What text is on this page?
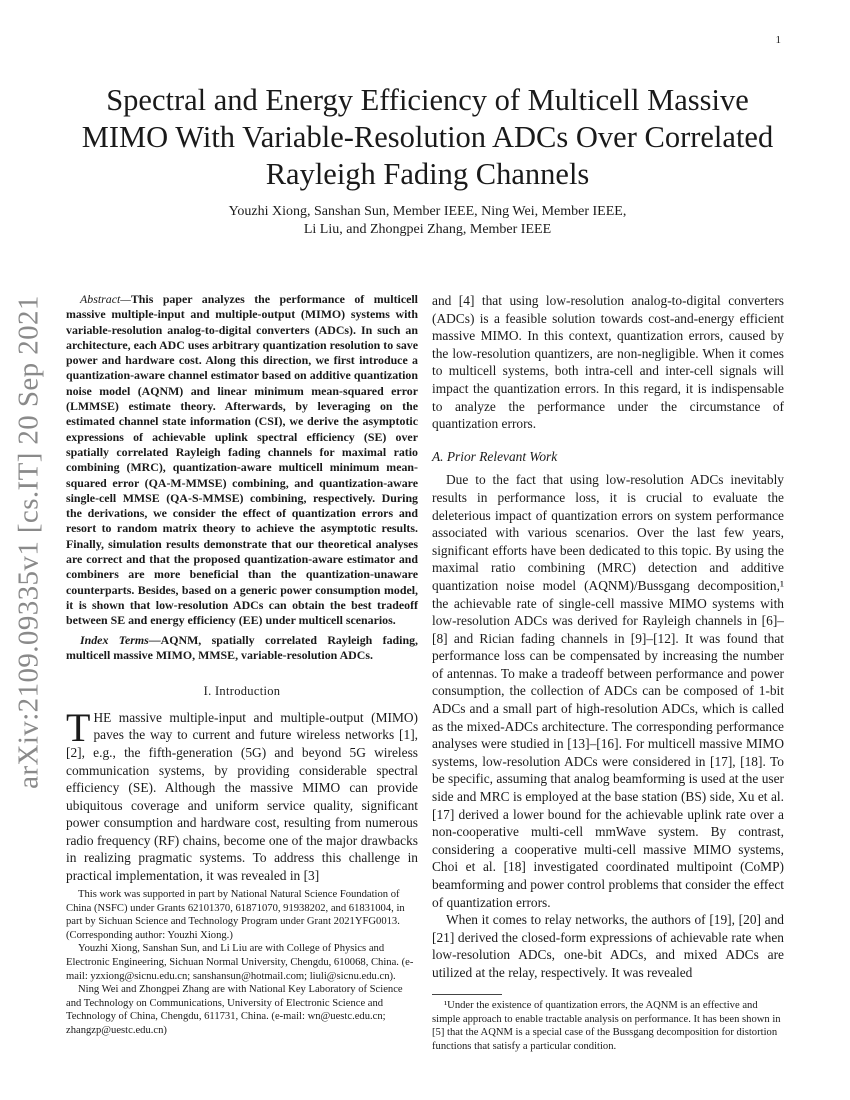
1
arXiv:2109.09335v1 [cs.IT] 20 Sep 2021
Spectral and Energy Efficiency of Multicell Massive MIMO With Variable-Resolution ADCs Over Correlated Rayleigh Fading Channels
Youzhi Xiong, Sanshan Sun, Member IEEE, Ning Wei, Member IEEE,
Li Liu, and Zhongpei Zhang, Member IEEE

Abstract—This paper analyzes the performance of multicell massive multiple-input and multiple-output (MIMO) systems with variable-resolution analog-to-digital converters (ADCs). In such an architecture, each ADC uses arbitrary quantization resolution to save power and hardware cost. Along this direction, we first introduce a quantization-aware channel estimator based on additive quantization noise model (AQNM) and linear minimum mean-squared error (LMMSE) estimate theory. Afterwards, by leveraging on the estimated channel state information (CSI), we derive the asymptotic expressions of achievable uplink spectral efficiency (SE) over spatially correlated Rayleigh fading channels for maximal ratio combining (MRC), quantization-aware multicell minimum mean-squared error (QA-M-MMSE) combining, and quantization-aware single-cell MMSE (QA-S-MMSE) combining, respectively. During the derivations, we consider the effect of quantization errors and resort to random matrix theory to achieve the asymptotic results. Finally, simulation results demonstrate that our theoretical analyses are correct and that the proposed quantization-aware estimator and combiners are more beneficial than the quantization-unaware counterparts. Besides, based on a generic power consumption model, it is shown that low-resolution ADCs can obtain the best tradeoff between SE and energy efficiency (EE) under multicell scenarios.

Index Terms—AQNM, spatially correlated Rayleigh fading, multicell massive MIMO, MMSE, variable-resolution ADCs.

I. Introduction

THE massive multiple-input and multiple-output (MIMO) paves the way to current and future wireless networks [1], [2], e.g., the fifth-generation (5G) and beyond 5G wireless communication systems, by providing considerable spectral efficiency (SE). Although the massive MIMO can provide ubiquitous coverage and uniform service quality, significant power consumption and hardware cost, resulting from numerous radio frequency (RF) chains, become one of the major drawbacks in realizing pragmatic systems. To address this challenge in practical implementation, it was revealed in [3]

This work was supported in part by National Natural Science Foundation of China (NSFC) under Grants 62101370, 61871070, 91938202, and 61831004, in part by Sichuan Science and Technology Program under Grant 2021YFG0013. (Corresponding author: Youzhi Xiong.)

Youzhi Xiong, Sanshan Sun, and Li Liu are with College of Physics and Electronic Engineering, Sichuan Normal University, Chengdu, 610068, China. (e-mail: yzxiong@sicnu.edu.cn; sanshansun@hotmail.com; liuli@sicnu.edu.cn).

Ning Wei and Zhongpei Zhang are with National Key Laboratory of Science and Technology on Communications, University of Electronic Science and Technology of China, Chengdu, 611731, China. (e-mail: wn@uestc.edu.cn; zhangzp@uestc.edu.cn)

and [4] that using low-resolution analog-to-digital converters (ADCs) is a feasible solution towards cost-and-energy efficient massive MIMO. In this context, quantization errors, caused by the low-resolution quantizers, are non-negligible. When it comes to multicell systems, both intra-cell and inter-cell signals will impact the quantization errors. In this regard, it is indispensable to analyze the performance under the circumstance of quantization errors.

A. Prior Relevant Work

Due to the fact that using low-resolution ADCs inevitably results in performance loss, it is crucial to evaluate the deleterious impact of quantization errors on system performance associated with various scenarios. Over the last few years, significant efforts have been dedicated to this topic. By using the maximal ratio combining (MRC) detection and additive quantization noise model (AQNM)/Bussgang decomposition,¹ the achievable rate of single-cell massive MIMO systems with low-resolution ADCs was derived for Rayleigh channels in [6]–[8] and Rician fading channels in [9]–[12]. It was found that performance loss can be compensated by increasing the number of antennas. To make a tradeoff between performance and power consumption, the collection of ADCs can be composed of 1-bit ADCs and a small part of high-resolution ADCs, which is called as the mixed-ADCs architecture. The corresponding performance analyses were studied in [13]–[16]. For multicell massive MIMO systems, low-resolution ADCs were considered in [17], [18]. To be specific, assuming that analog beamforming is used at the user side and MRC is employed at the base station (BS) side, Xu et al. [17] derived a lower bound for the achievable uplink rate over a non-cooperative multi-cell mmWave system. By contrast, considering a cooperative multi-cell massive MIMO systems, Choi et al. [18] investigated coordinated multipoint (CoMP) beamforming and power control problems that consider the effect of quantization errors.

When it comes to relay networks, the authors of [19], [20] and [21] derived the closed-form expressions of achievable rate when low-resolution ADCs, one-bit ADCs, and mixed ADCs are utilized at the relay, respectively. It was revealed

¹Under the existence of quantization errors, the AQNM is an effective and simple approach to enable tractable analysis on performance. It has been shown in [5] that the AQNM is a special case of the Bussgang decomposition for distortion functions that satisfy a particular condition.
